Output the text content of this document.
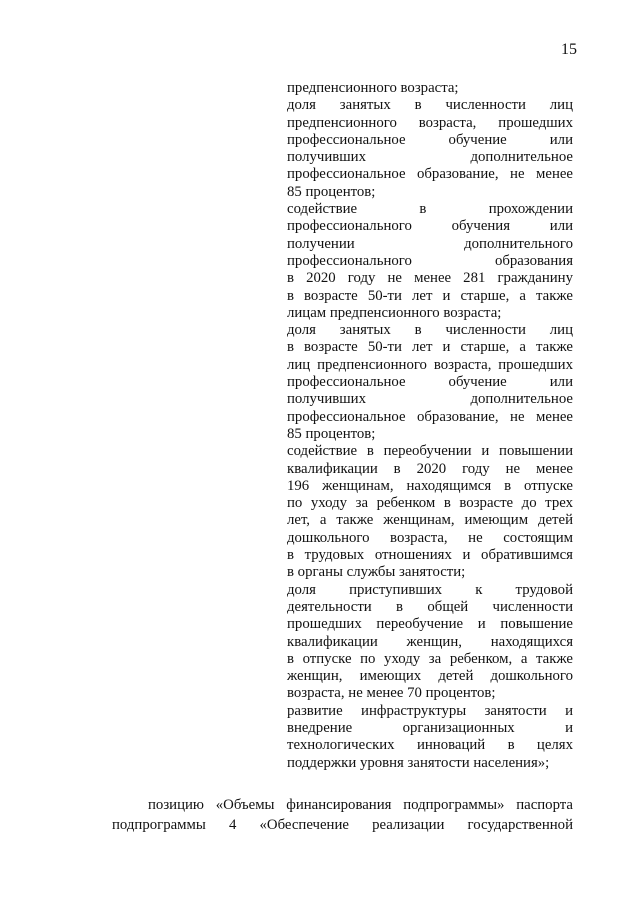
15
предпенсионного возраста;
доля занятых в численности лиц
предпенсионного возраста, прошедших
профессиональное обучение или
получивших дополнительное
профессиональное образование, не менее
85 процентов;
содействие в прохождении
профессионального обучения или
получении дополнительного
профессионального образования
в 2020 году не менее 281 гражданину
в возрасте 50-ти лет и старше, а также
лицам предпенсионного возраста;
доля занятых в численности лиц
в возрасте 50-ти лет и старше, а также
лиц предпенсионного возраста, прошедших
профессиональное обучение или
получивших дополнительное
профессиональное образование, не менее
85 процентов;
содействие в переобучении и повышении
квалификации в 2020 году не менее
196 женщинам, находящимся в отпуске
по уходу за ребенком в возрасте до трех
лет, а также женщинам, имеющим детей
дошкольного возраста, не состоящим
в трудовых отношениях и обратившимся
в органы службы занятости;
доля приступивших к трудовой
деятельности в общей численности
прошедших переобучение и повышение
квалификации женщин, находящихся
в отпуске по уходу за ребенком, а также
женщин, имеющих детей дошкольного
возраста, не менее 70 процентов;
развитие инфраструктуры занятости и
внедрение организационных и
технологических инноваций в целях
поддержки уровня занятости населения»;
позицию «Объемы финансирования подпрограммы» паспорта
подпрограммы 4 «Обеспечение реализации государственной
